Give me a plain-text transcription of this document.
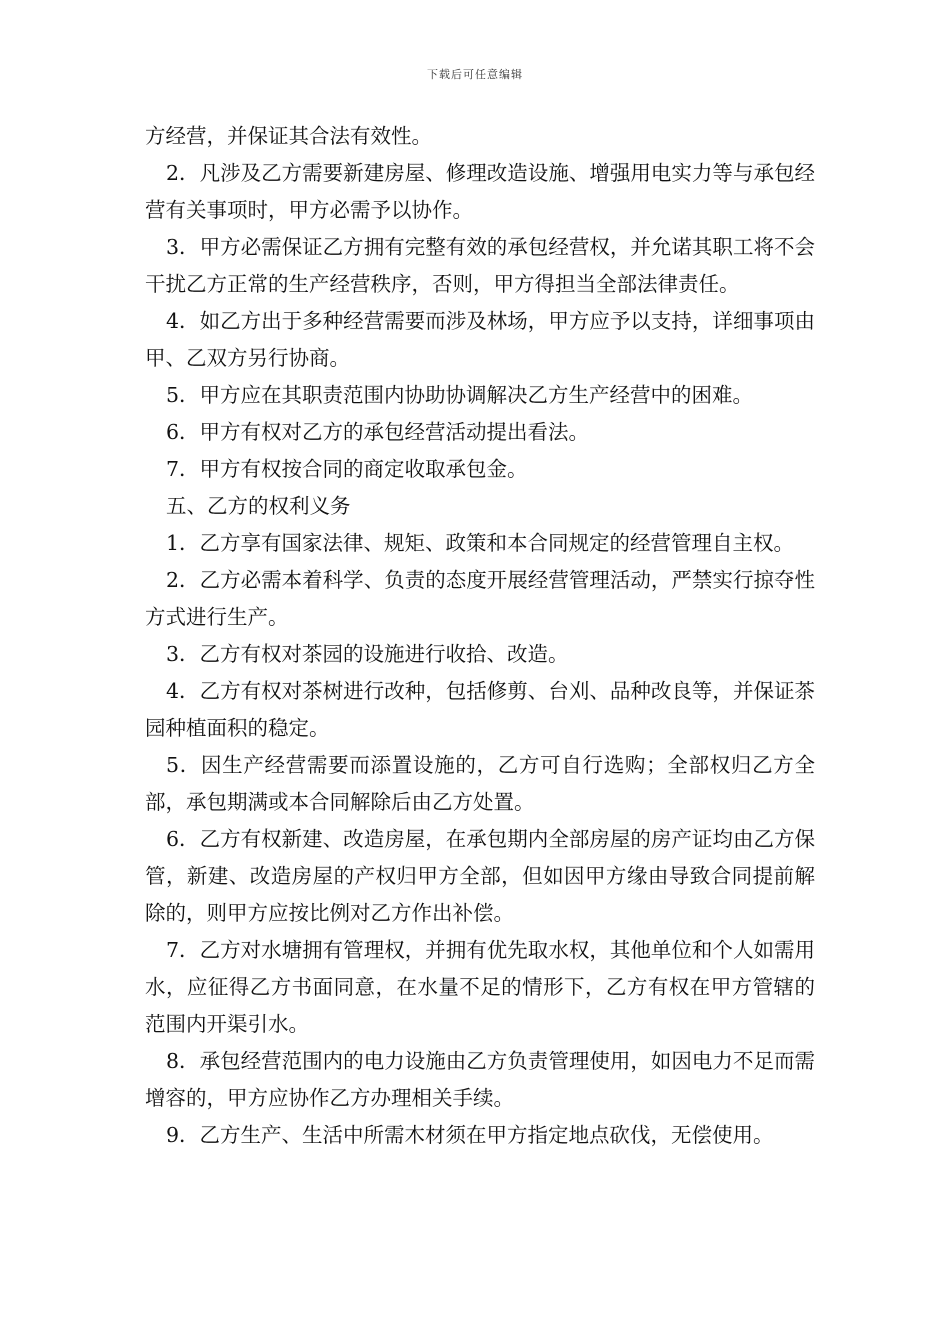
下载后可任意编辑

方经营，并保证其合法有效性。

2．凡涉及乙方需要新建房屋、修理改造设施、增强用电实力等与承包经营有关事项时，甲方必需予以协作。

3．甲方必需保证乙方拥有完整有效的承包经营权，并允诺其职工将不会干扰乙方正常的生产经营秩序，否则，甲方得担当全部法律责任。

4．如乙方出于多种经营需要而涉及林场，甲方应予以支持，详细事项由甲、乙双方另行协商。

5．甲方应在其职责范围内协助协调解决乙方生产经营中的困难。

6．甲方有权对乙方的承包经营活动提出看法。

7．甲方有权按合同的商定收取承包金。

五、乙方的权利义务

1．乙方享有国家法律、规矩、政策和本合同规定的经营管理自主权。

2．乙方必需本着科学、负责的态度开展经营管理活动，严禁实行掠夺性方式进行生产。

3．乙方有权对茶园的设施进行收拾、改造。

4．乙方有权对茶树进行改种，包括修剪、台刈、品种改良等，并保证茶园种植面积的稳定。

5．因生产经营需要而添置设施的，乙方可自行选购；全部权归乙方全部，承包期满或本合同解除后由乙方处置。

6．乙方有权新建、改造房屋，在承包期内全部房屋的房产证均由乙方保管，新建、改造房屋的产权归甲方全部，但如因甲方缘由导致合同提前解除的，则甲方应按比例对乙方作出补偿。

7．乙方对水塘拥有管理权，并拥有优先取水权，其他单位和个人如需用水，应征得乙方书面同意，在水量不足的情形下，乙方有权在甲方管辖的范围内开渠引水。

8．承包经营范围内的电力设施由乙方负责管理使用，如因电力不足而需增容的，甲方应协作乙方办理相关手续。

9．乙方生产、生活中所需木材须在甲方指定地点砍伐，无偿使用。
